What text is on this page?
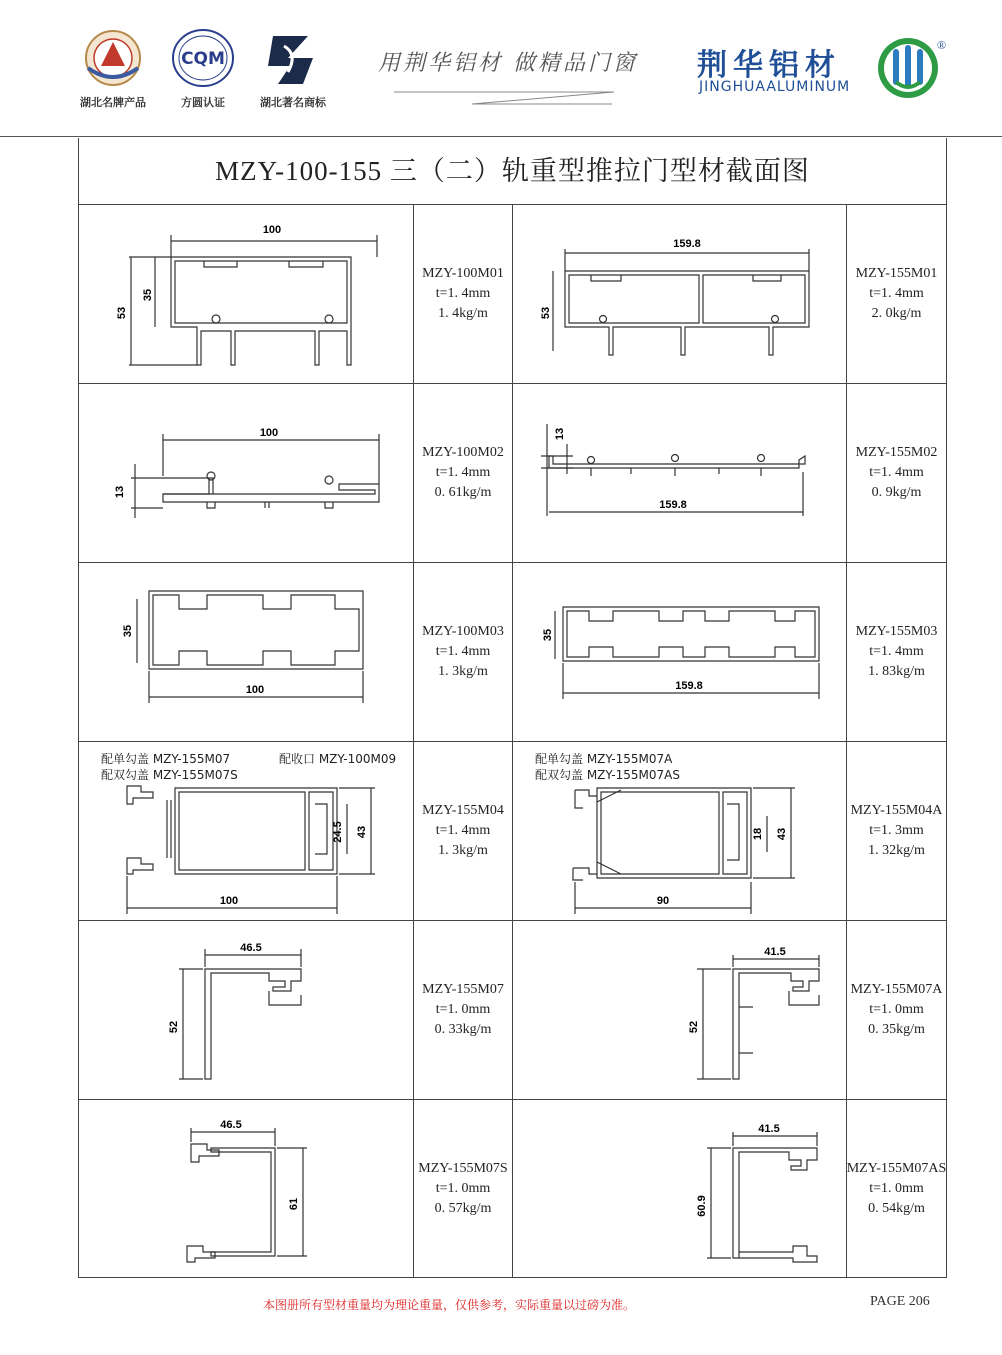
湖北名牌产品
CQM
方圆认证	湖北著名商标
用荆华铝材 做精品门窗 荆华铝材
JINGHUAALUMINUM
®
MZY-100-155 三（二）轨重型推拉门型材截面图
100
35
53
MZY-100M01
t=1. 4mm
1. 4kg/m
159.8
53
MZY-155M01
t=1. 4mm
2. 0kg/m
100
13
MZY-100M02
t=1. 4mm
0. 61kg/m
13
159.8
MZY-155M02
t=1. 4mm
0. 9kg/m
35
100
MZY-100M03
t=1. 4mm
1. 3kg/m
35
159.8
MZY-155M03
t=1. 4mm
1. 83kg/m
配单勾盖 MZY-155M07
配双勾盖 MZY-155M07S
配收口 MZY-100M09
24.5 43
100
MZY-155M04
t=1. 4mm
1. 3kg/m
配单勾盖 MZY-155M07A
配双勾盖 MZY-155M07AS
18 43
90
MZY-155M04A
t=1. 3mm
1. 32kg/m
46.5
52
MZY-155M07
t=1. 0mm
0. 33kg/m
41.5
52
MZY-155M07A
t=1. 0mm
0. 35kg/m
46.5
61
MZY-155M07S
t=1. 0mm
0. 57kg/m
41.5
60.9
MZY-155M07AS
t=1. 0mm
0. 54kg/m
本图册所有型材重量均为理论重量，仅供参考，实际重量以过磅为准。	PAGE 206
